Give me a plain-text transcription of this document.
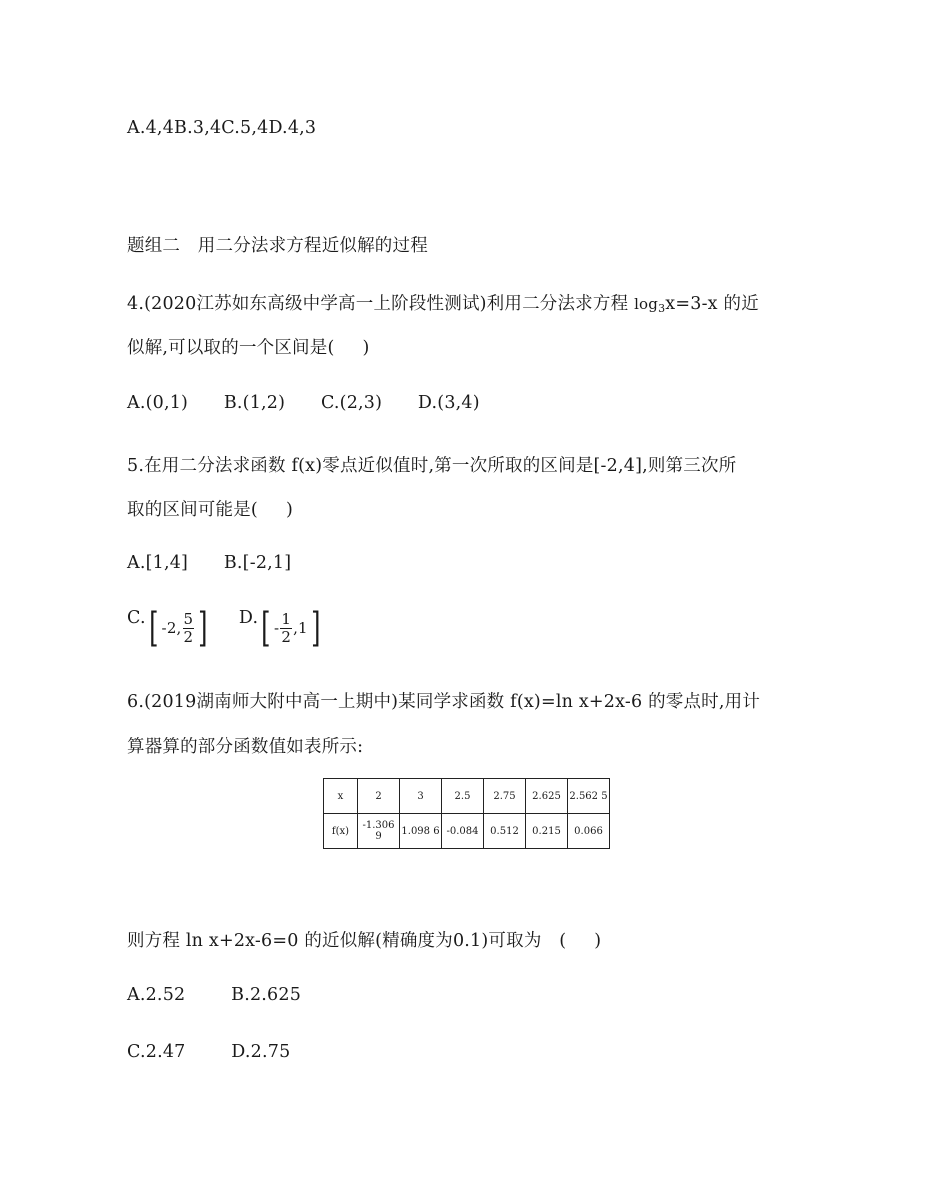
A.4,4B.3,4C.5,4D.4,3
题组二　用二分法求方程近似解的过程
4.(2020江苏如东高级中学高一上阶段性测试)利用二分法求方程 log3x=3-x 的近
似解,可以取的一个区间是( )
A.(0,1) B.(1,2) C.(2,3) D.(3,4)
5.在用二分法求函数 f(x)零点近似值时,第一次所取的区间是[-2,4],则第三次所
取的区间可能是( )
A.[1,4] B.[-2,1]
C. [ -2, $\frac{5}{2}$ ]
D. [ - $\frac{1}{2} ,1$ ]
6.(2019湖南师大附中高一上期中)某同学求函数 f(x)=ln x+2x-6 的零点时,用计
算器算的部分函数值如表所示:
x	2	3	2.5	2.75	2.625	2.562 5
f(x)	-1.306 9	1.098 6	-0.084	0.512	0.215	0.066
则方程 ln x+2x-6=0 的近似解(精确度为0.1)可取为　( )
A.2.52	B.2.625
C.2.47	D.2.75
